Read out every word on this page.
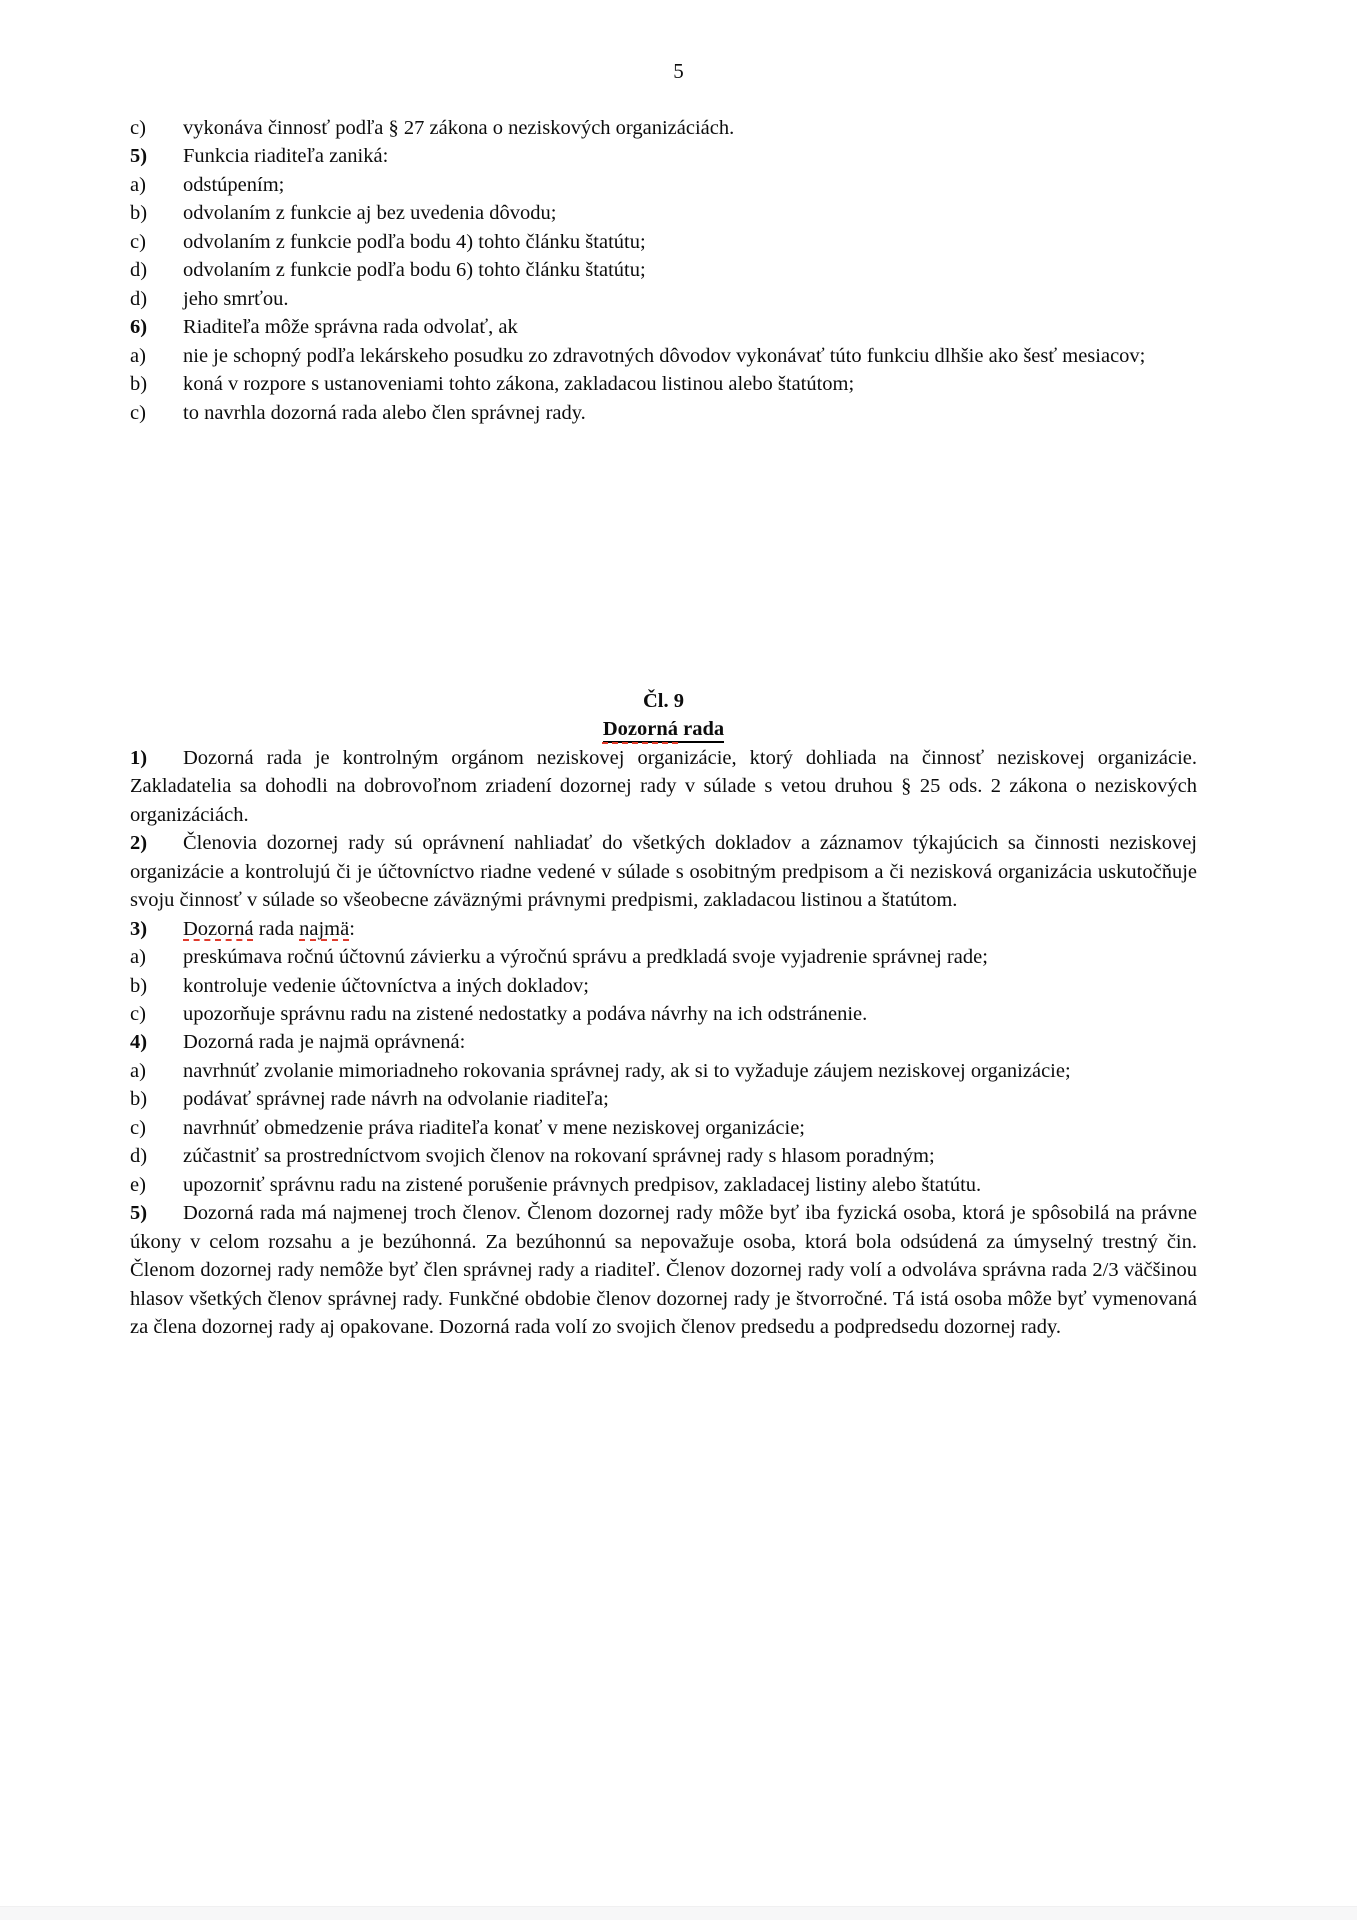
5

c) vykonáva činnosť podľa § 27 zákona o neziskových organizáciách.

5) Funkcia riaditeľa zaniká:

a) odstúpením;

b) odvolaním z funkcie aj bez uvedenia dôvodu;

c) odvolaním z funkcie podľa bodu 4) tohto článku štatútu;

d) odvolaním z funkcie podľa bodu 6) tohto článku štatútu;

d) jeho smrťou.

6) Riaditeľa môže správna rada odvolať, ak

a) nie je schopný podľa lekárskeho posudku zo zdravotných dôvodov vykonávať túto funkciu dlhšie ako šesť mesiacov;

b) koná v rozpore s ustanoveniami tohto zákona, zakladacou listinou alebo štatútom;

c) to navrhla dozorná rada alebo člen správnej rady.

Čl. 9

Dozorná rada

1) Dozorná rada je kontrolným orgánom neziskovej organizácie, ktorý dohliada na činnosť neziskovej organizácie. Zakladatelia sa dohodli na dobrovoľnom zriadení dozornej rady v súlade s vetou druhou § 25 ods. 2 zákona o neziskových organizáciách.

2) Členovia dozornej rady sú oprávnení nahliadať do všetkých dokladov a záznamov týkajúcich sa činnosti neziskovej organizácie a kontrolujú či je účtovníctvo riadne vedené v súlade s osobitným predpisom a či nezisková organizácia uskutočňuje svoju činnosť v súlade so všeobecne záväznými právnymi predpismi, zakladacou listinou a štatútom.

3) Dozorná rada najmä:

a) preskúmava ročnú účtovnú závierku a výročnú správu a predkladá svoje vyjadrenie správnej rade;

b) kontroluje vedenie účtovníctva a iných dokladov;

c) upozorňuje správnu radu na zistené nedostatky a podáva návrhy na ich odstránenie.

4) Dozorná rada je najmä oprávnená:

a) navrhnúť zvolanie mimoriadneho rokovania správnej rady, ak si to vyžaduje záujem neziskovej organizácie;

b) podávať správnej rade návrh na odvolanie riaditeľa;

c) navrhnúť obmedzenie práva riaditeľa konať v mene neziskovej organizácie;

d) zúčastniť sa prostredníctvom svojich členov na rokovaní správnej rady s hlasom poradným;

e) upozorniť správnu radu na zistené porušenie právnych predpisov, zakladacej listiny alebo štatútu.

5) Dozorná rada má najmenej troch členov. Členom dozornej rady môže byť iba fyzická osoba, ktorá je spôsobilá na právne úkony v celom rozsahu a je bezúhonná. Za bezúhonnú sa nepovažuje osoba, ktorá bola odsúdená za úmyselný trestný čin. Členom dozornej rady nemôže byť člen správnej rady a riaditeľ. Členov dozornej rady volí a odvoláva správna rada 2/3 väčšinou hlasov všetkých členov správnej rady. Funkčné obdobie členov dozornej rady je štvorročné. Tá istá osoba môže byť vymenovaná za člena dozornej rady aj opakovane. Dozorná rada volí zo svojich členov predsedu a podpredsedu dozornej rady.
